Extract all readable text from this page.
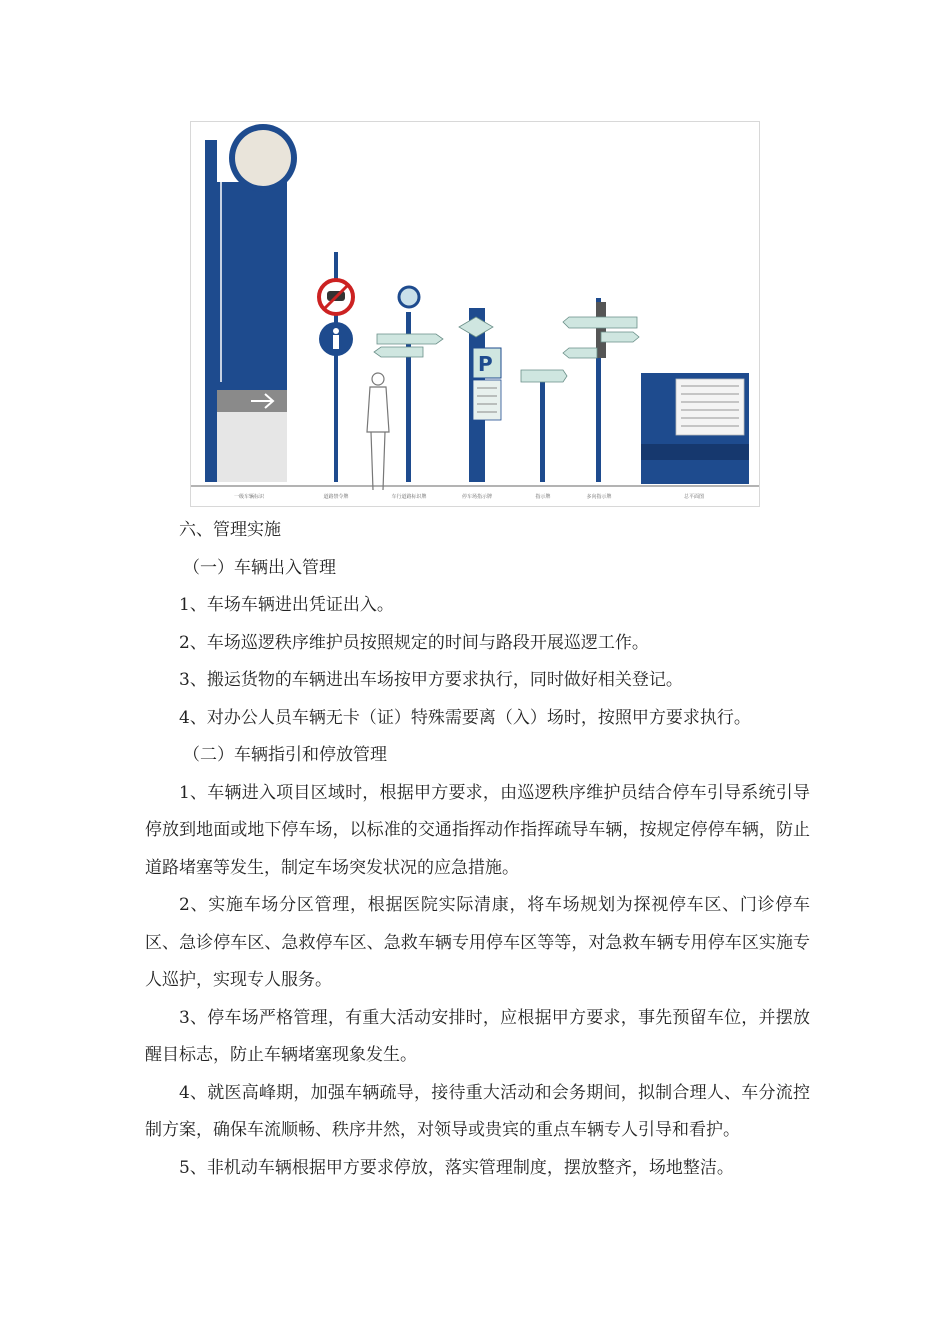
P
一级车辆标识	道路禁令牌	车行道路标识牌	停车场指示牌	指示牌	多向指示牌	总平面图

六、管理实施

（一）车辆出入管理

1、车场车辆进出凭证出入。

2、车场巡逻秩序维护员按照规定的时间与路段开展巡逻工作。

3、搬运货物的车辆进出车场按甲方要求执行，同时做好相关登记。

4、对办公人员车辆无卡（证）特殊需要离（入）场时，按照甲方要求执行。

（二）车辆指引和停放管理

1、车辆进入项目区域时，根据甲方要求，由巡逻秩序维护员结合停车引导系统引导停放到地面或地下停车场，以标准的交通指挥动作指挥疏导车辆，按规定停停车辆，防止道路堵塞等发生，制定车场突发状况的应急措施。

2、实施车场分区管理，根据医院实际清康，将车场规划为探视停车区、门诊停车区、急诊停车区、急救停车区、急救车辆专用停车区等等，对急救车辆专用停车区实施专人巡护，实现专人服务。

3、停车场严格管理，有重大活动安排时，应根据甲方要求，事先预留车位，并摆放醒目标志，防止车辆堵塞现象发生。

4、就医高峰期，加强车辆疏导，接待重大活动和会务期间，拟制合理人、车分流控制方案，确保车流顺畅、秩序井然，对领导或贵宾的重点车辆专人引导和看护。

5、非机动车辆根据甲方要求停放，落实管理制度，摆放整齐，场地整洁。
